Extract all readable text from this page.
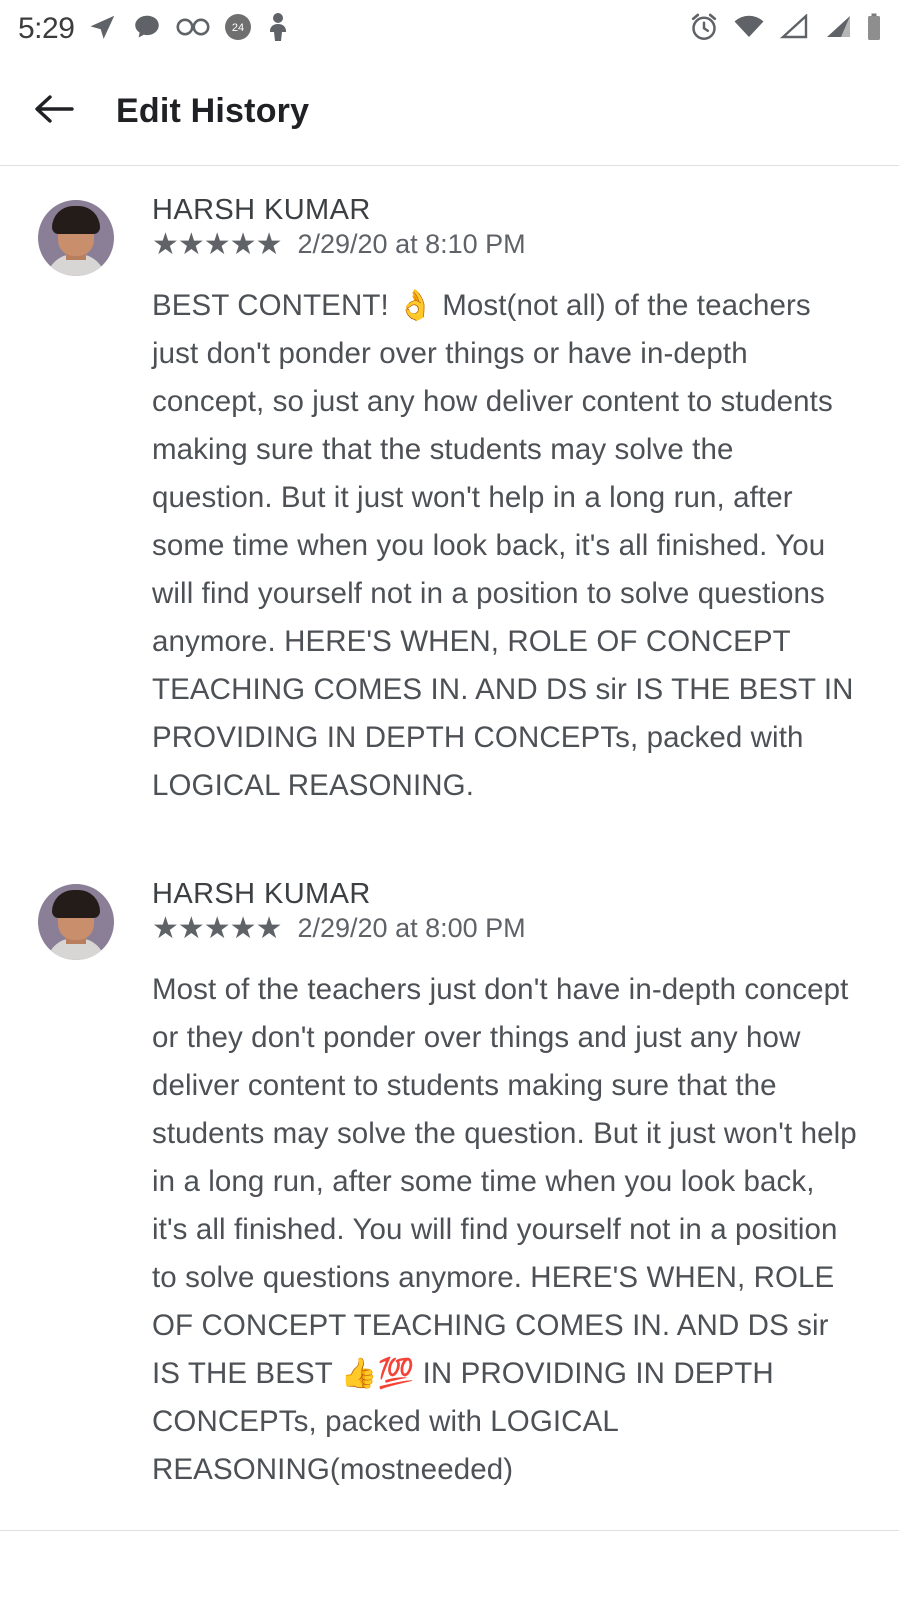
5:29	24
Edit History
HARSH KUMAR
★★★★★ 2/29/20 at 8:10 PM
BEST CONTENT! 👌 Most(not all) of the teachers just don't ponder over things or have in-depth concept, so just any how deliver content to students making sure that the students may solve the question. But it just won't help in a long run, after some time when you look back, it's all finished. You will find yourself not in a position to solve questions anymore. HERE'S WHEN, ROLE OF CONCEPT TEACHING COMES IN. AND DS sir IS THE BEST IN PROVIDING IN DEPTH CONCEPTs, packed with LOGICAL REASONING.
HARSH KUMAR
★★★★★ 2/29/20 at 8:00 PM
Most of the teachers just don't have in-depth concept or they don't ponder over things and just any how deliver content to students making sure that the students may solve the question. But it just won't help in a long run, after some time when you look back, it's all finished. You will find yourself not in a position to solve questions anymore. HERE'S WHEN, ROLE OF CONCEPT TEACHING COMES IN. AND DS sir IS THE BEST 👍💯 IN PROVIDING IN DEPTH CONCEPTs, packed with LOGICAL REASONING(mostneeded)
